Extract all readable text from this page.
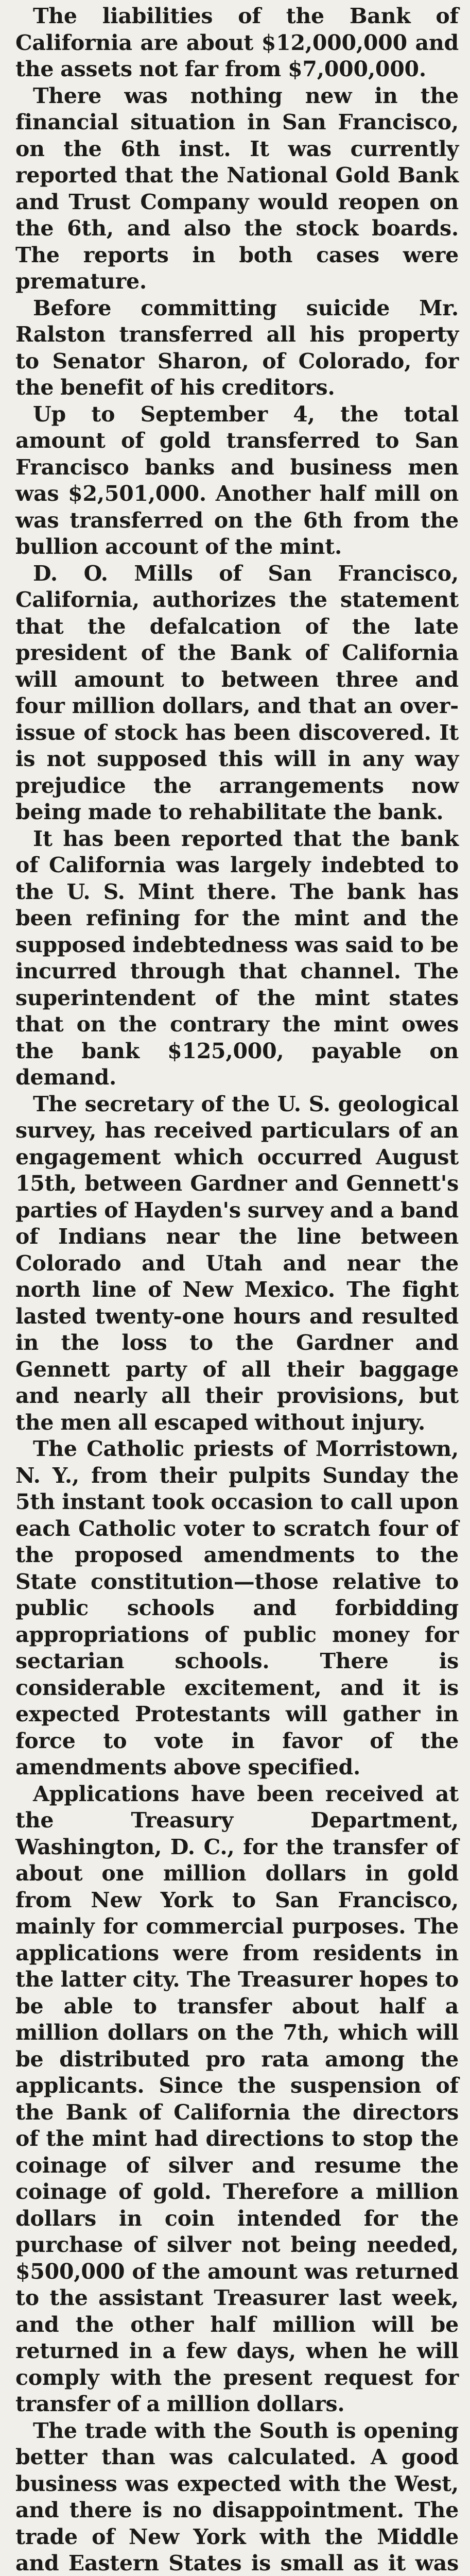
The liabilities of the Bank of California are about $12,000,000 and the assets not far from $7,000,000.

There was nothing new in the financial situation in San Francisco, on the 6th inst. It was currently reported that the National Gold Bank and Trust Company would reopen on the 6th, and also the stock boards. The reports in both cases were premature.

Before committing suicide Mr. Ralston transferred all his property to Senator Sharon, of Colorado, for the benefit of his creditors.

Up to September 4, the total amount of gold transferred to San Francisco banks and business men was $2,501,000. Another half mill on was transferred on the 6th from the bullion account of the mint.

D. O. Mills of San Francisco, California, authorizes the statement that the defalcation of the late president of the Bank of California will amount to between three and four million dollars, and that an over-issue of stock has been discovered. It is not supposed this will in any way prejudice the arrangements now being made to rehabilitate the bank.

It has been reported that the bank of California was largely indebted to the U. S. Mint there. The bank has been refining for the mint and the supposed indebtedness was said to be incurred through that channel. The superintendent of the mint states that on the contrary the mint owes the bank $125,000, payable on demand.

The secretary of the U. S. geological survey, has received particulars of an engagement which occurred August 15th, between Gardner and Gennett's parties of Hayden's survey and a band of Indians near the line between Colorado and Utah and near the north line of New Mexico. The fight lasted twenty-one hours and resulted in the loss to the Gardner and Gennett party of all their baggage and nearly all their provisions, but the men all escaped without injury.

The Catholic priests of Morristown, N. Y., from their pulpits Sunday the 5th instant took occasion to call upon each Catholic voter to scratch four of the proposed amendments to the State constitution—those relative to public schools and forbidding appropriations of public money for sectarian schools. There is considerable excitement, and it is expected Protestants will gather in force to vote in favor of the amendments above specified.

Applications have been received at the Treasury Department, Washington, D. C., for the transfer of about one million dollars in gold from New York to San Francisco, mainly for commercial purposes. The applications were from residents in the latter city. The Treasurer hopes to be able to transfer about half a million dollars on the 7th, which will be distributed pro rata among the applicants. Since the suspension of the Bank of California the directors of the mint had directions to stop the coinage of silver and resume the coinage of gold. Therefore a million dollars in coin intended for the purchase of silver not being needed, $500,000 of the amount was returned to the assistant Treasurer last week, and the other half million will be returned in a few days, when he will comply with the present request for transfer of a million dollars.

The trade with the South is opening better than was calculated. A good business was expected with the West, and there is no disappointment. The trade of New York with the Middle and Eastern States is small as it was
